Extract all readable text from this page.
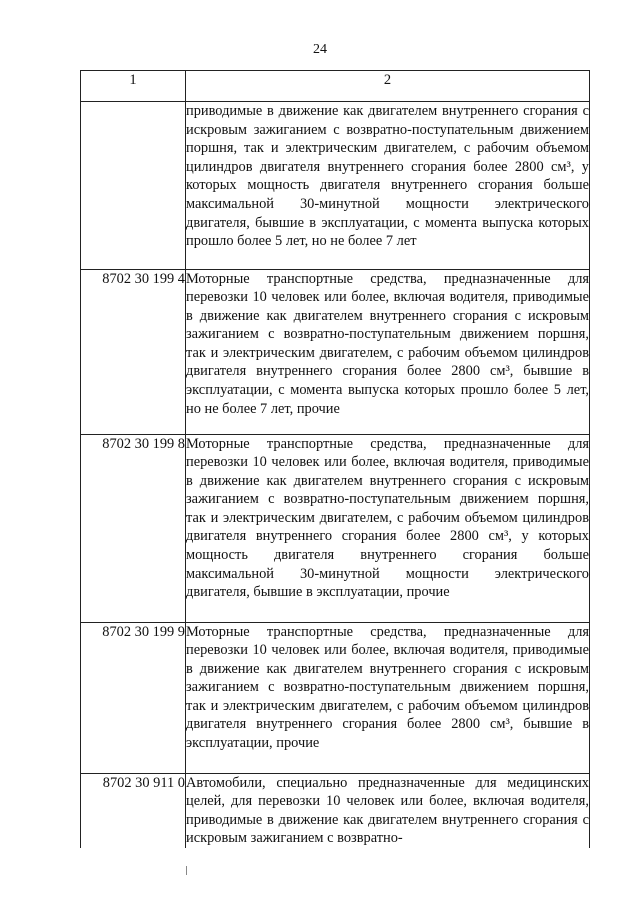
24
1	2
	приводимые в движение как двигателем внутреннего сгорания с искровым зажиганием с возвратно-поступательным движением поршня, так и электрическим двигателем, с рабочим объемом цилиндров двигателя внутреннего сгорания более 2800 см³, у которых мощность двигателя внутреннего сгорания больше максимальной 30-минутной мощности электрического двигателя, бывшие в эксплуатации, с момента выпуска которых прошло более 5 лет, но не более 7 лет
8702 30 199 4	Моторные транспортные средства, предназначенные для перевозки 10 человек или более, включая водителя, приводимые в движение как двигателем внутреннего сгорания с искровым зажиганием с возвратно-поступательным движением поршня, так и электрическим двигателем, с рабочим объемом цилиндров двигателя внутреннего сгорания более 2800 см³, бывшие в эксплуатации, с момента выпуска которых прошло более 5 лет, но не более 7 лет, прочие
8702 30 199 8	Моторные транспортные средства, предназначенные для перевозки 10 человек или более, включая водителя, приводимые в движение как двигателем внутреннего сгорания с искровым зажиганием с возвратно-поступательным движением поршня, так и электрическим двигателем, с рабочим объемом цилиндров двигателя внутреннего сгорания более 2800 см³, у которых мощность двигателя внутреннего сгорания больше максимальной 30-минутной мощности электрического двигателя, бывшие в эксплуатации, прочие
8702 30 199 9	Моторные транспортные средства, предназначенные для перевозки 10 человек или более, включая водителя, приводимые в движение как двигателем внутреннего сгорания с искровым зажиганием с возвратно-поступательным движением поршня, так и электрическим двигателем, с рабочим объемом цилиндров двигателя внутреннего сгорания более 2800 см³, бывшие в эксплуатации, прочие
8702 30 911 0	Автомобили, специально предназначенные для медицинских целей, для перевозки 10 человек или более, включая водителя, приводимые в движение как двигателем внутреннего сгорания с искровым зажиганием с возвратно-
